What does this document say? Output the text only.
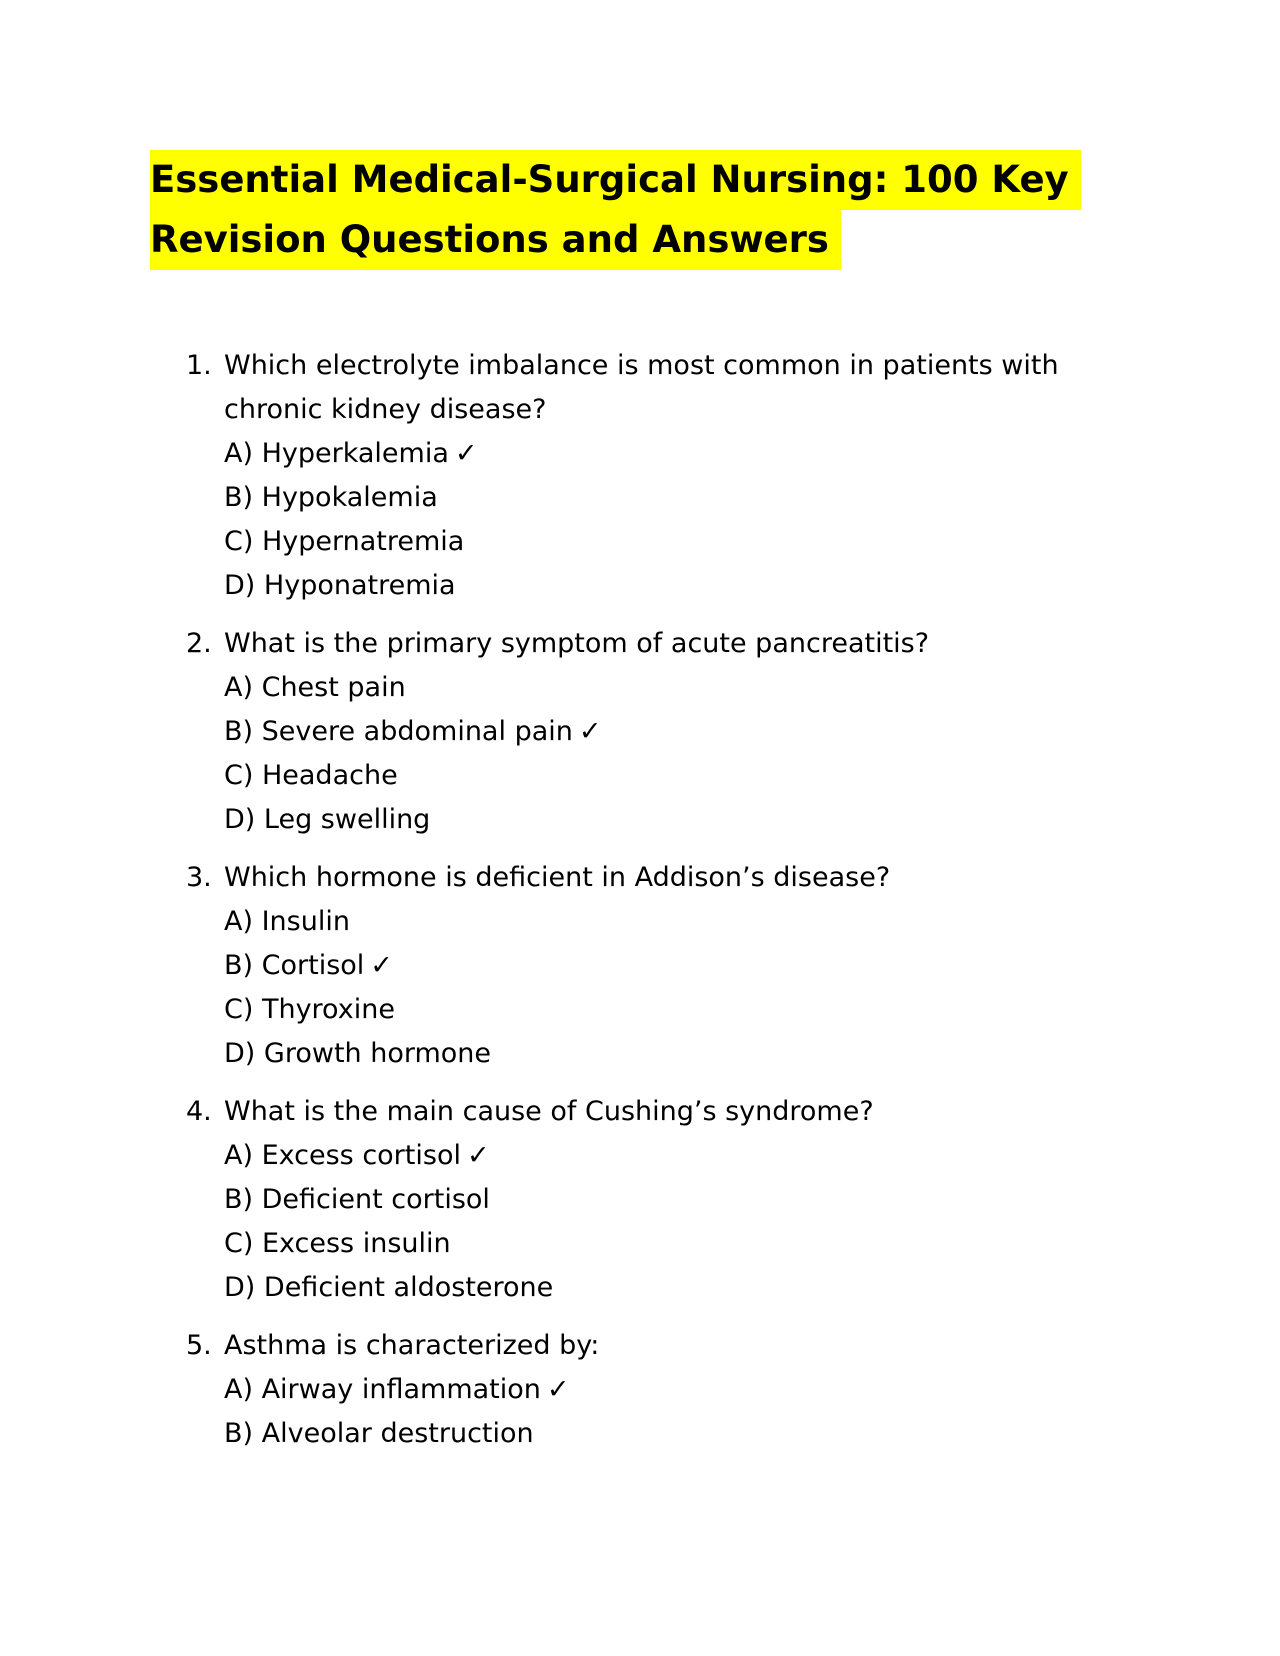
Essential Medical-Surgical Nursing: 100 Key
Revision Questions and Answers
1. Which electrolyte imbalance is most common in patients with chronic kidney disease?
A) Hyperkalemia ✓
B) Hypokalemia
C) Hypernatremia
D) Hyponatremia
2. What is the primary symptom of acute pancreatitis?
A) Chest pain
B) Severe abdominal pain ✓
C) Headache
D) Leg swelling
3. Which hormone is deficient in Addison’s disease?
A) Insulin
B) Cortisol ✓
C) Thyroxine
D) Growth hormone
4. What is the main cause of Cushing’s syndrome?
A) Excess cortisol ✓
B) Deficient cortisol
C) Excess insulin
D) Deficient aldosterone
5. Asthma is characterized by:
A) Airway inflammation ✓
B) Alveolar destruction
